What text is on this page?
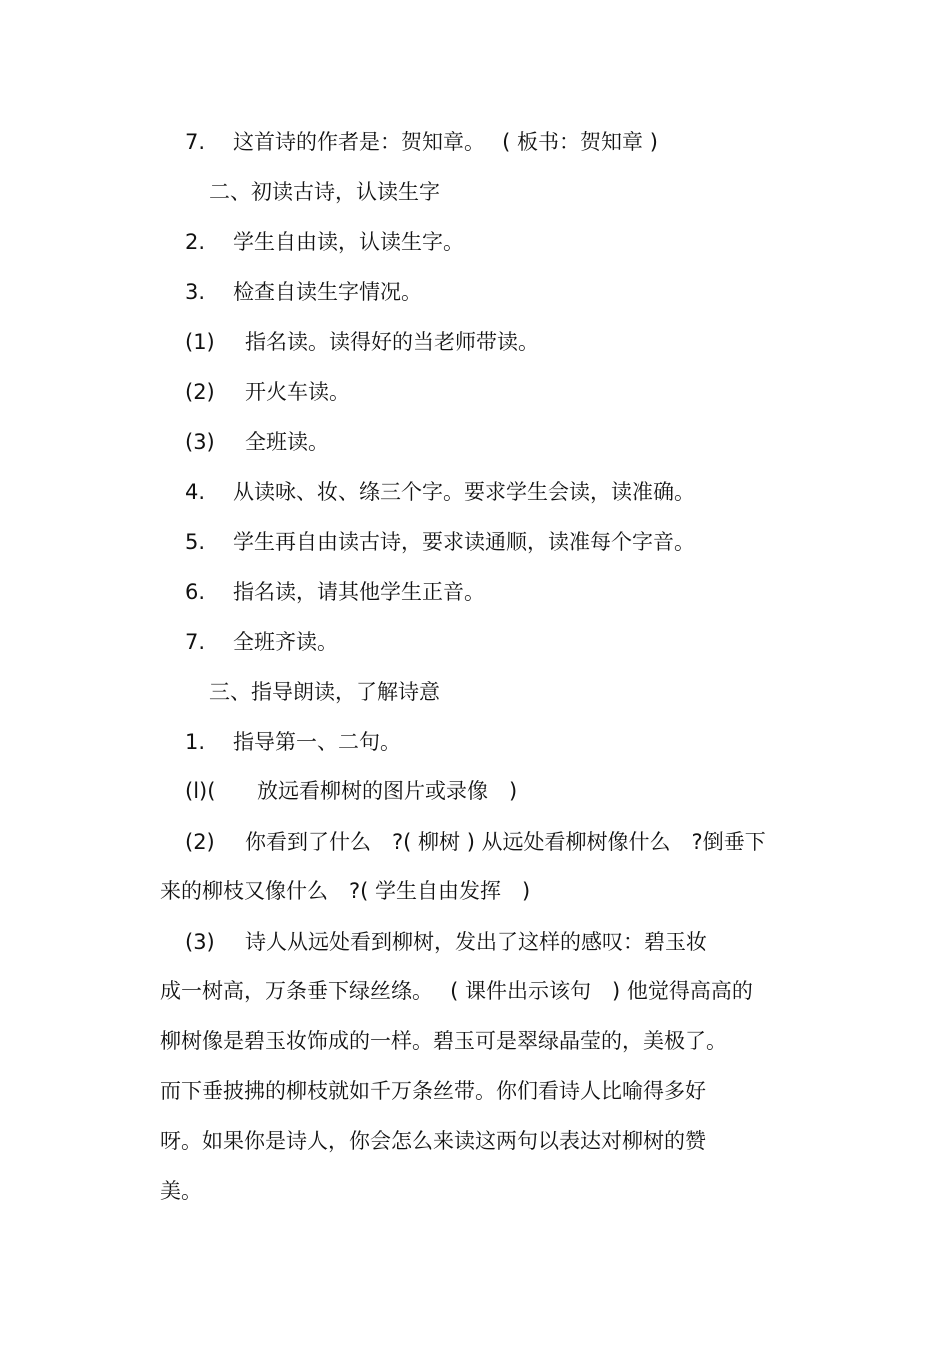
7. 这首诗的作者是：贺知章。　 ( 板书：贺知章 )
二、初读古诗，认读生字
2. 学生自由读，认读生字。
3. 检查自读生字情况。
(1) 指名读。读得好的当老师带读。
(2) 开火车读。
(3) 全班读。
4. 从读咏、妆、绦三个字。要求学生会读，读准确。
5. 学生再自由读古诗，要求读通顺，读准每个字音。
6. 指名读，请其他学生正音。
7. 全班齐读。
三、指导朗读，了解诗意
1. 指导第一、二句。
(l)( 放远看柳树的图片或录像　)
(2) 你看到了什么　?( 柳树 ) 从远处看柳树像什么　?倒垂下
来的柳枝又像什么　?( 学生自由发挥　)
(3) 诗人从远处看到柳树，发出了这样的感叹：碧玉妆
成一树高，万条垂下绿丝绦。　 ( 课件出示该句　) 他觉得高高的
柳树像是碧玉妆饰成的一样。碧玉可是翠绿晶莹的，美极了。
而下垂披拂的柳枝就如千万条丝带。你们看诗人比喻得多好
呀。如果你是诗人，你会怎么来读这两句以表达对柳树的赞
美。
